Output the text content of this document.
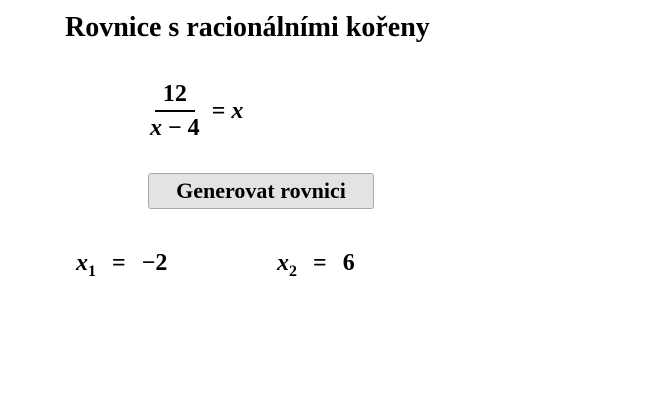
Rovnice s racionálními kořeny
$\frac{12}{x - 4} = x$
Generovat rovnici
$x_1 = -2$	$x_2 = 6$
